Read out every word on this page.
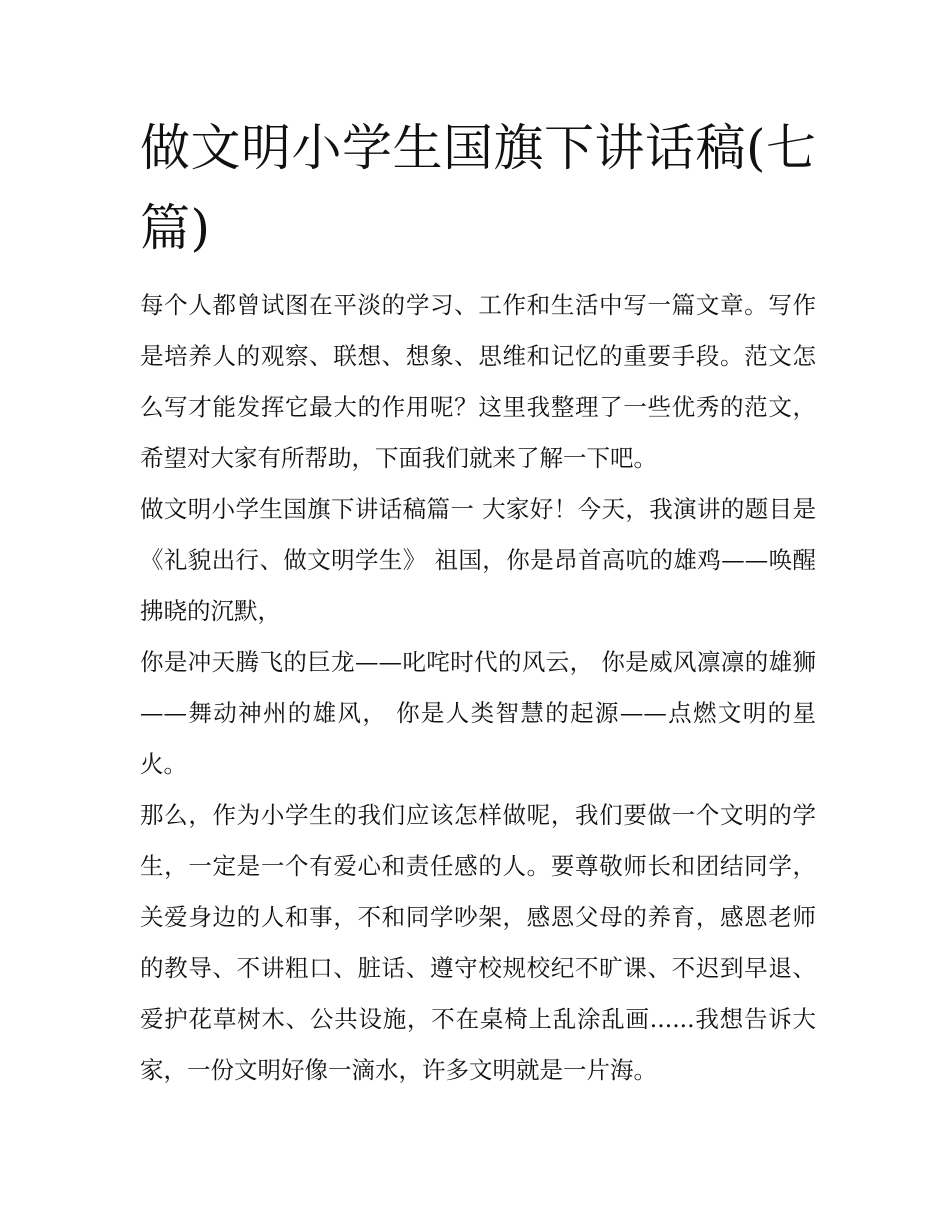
做文明小学生国旗下讲话稿(七篇)

每个人都曾试图在平淡的学习、工作和生活中写一篇文章。写作是培养人的观察、联想、想象、思维和记忆的重要手段。范文怎么写才能发挥它最大的作用呢？这里我整理了一些优秀的范文，希望对大家有所帮助，下面我们就来了解一下吧。

做文明小学生国旗下讲话稿篇一 大家好！今天，我演讲的题目是《礼貌出行、做文明学生》 祖国，你是昂首高吭的雄鸡——唤醒拂晓的沉默，

你是冲天腾飞的巨龙——叱咤时代的风云， 你是威风凛凛的雄狮——舞动神州的雄风， 你是人类智慧的起源——点燃文明的星火。

那么，作为小学生的我们应该怎样做呢，我们要做一个文明的学生，一定是一个有爱心和责任感的人。要尊敬师长和团结同学，关爱身边的人和事，不和同学吵架，感恩父母的养育，感恩老师的教导、不讲粗口、脏话、遵守校规校纪不旷课、不迟到早退、爱护花草树木、公共设施，不在桌椅上乱涂乱画......我想告诉大家，一份文明好像一滴水，许多文明就是一片海。
